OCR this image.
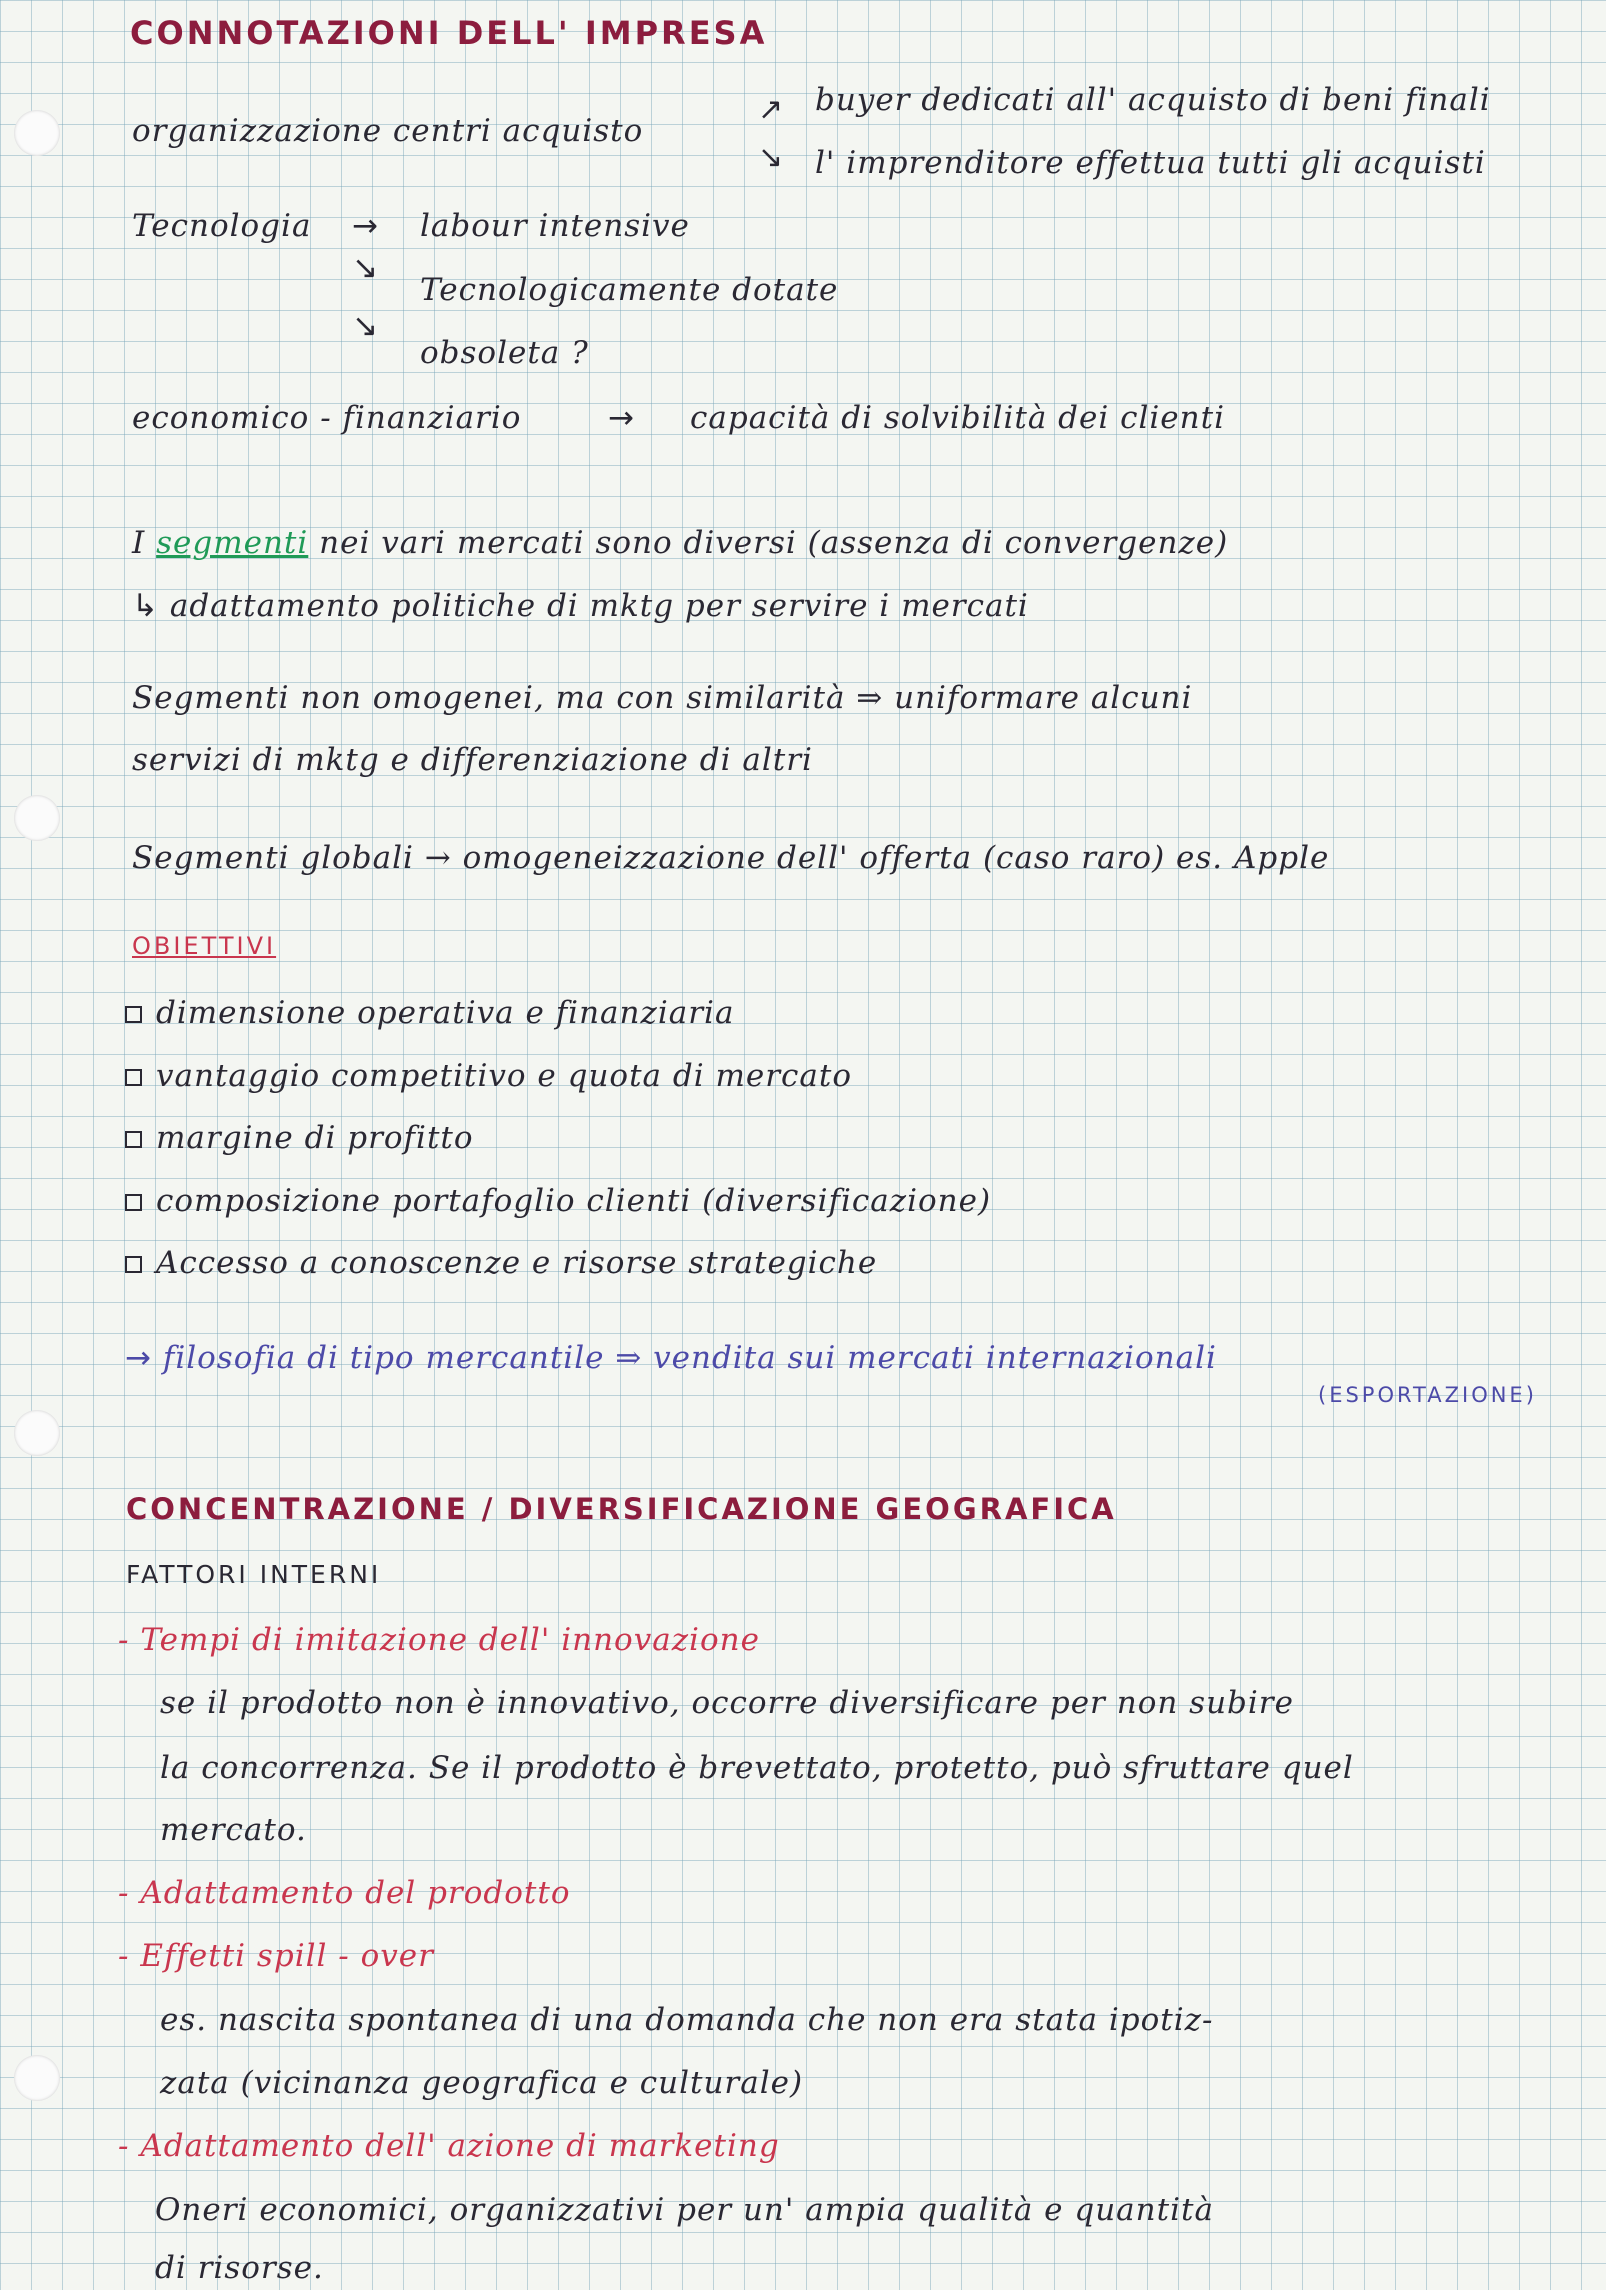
CONNOTAZIONI DELL' IMPRESA
organizzazione centri acquisto
↗
↘
buyer dedicati all' acquisto di beni finali
l' imprenditore effettua tutti gli acquisti
Tecnologia → labour intensive
↘
Tecnologicamente dotate
↘
obsoleta ?
economico - finanziario	→ capacità di solvibilità dei clienti
I segmenti nei vari mercati sono diversi (assenza di convergenze)
↳ adattamento politiche di mktg per servire i mercati
Segmenti non omogenei, ma con similarità ⇒ uniformare alcuni
servizi di mktg e differenziazione di altri
Segmenti globali → omogeneizzazione dell' offerta (caso raro) es. Apple
OBIETTIVI
dimensione operativa e finanziaria
vantaggio competitivo e quota di mercato
margine di profitto
composizione portafoglio clienti (diversificazione)
Accesso a conoscenze e risorse strategiche
→ filosofia di tipo mercantile ⇒ vendita sui mercati internazionali
(ESPORTAZIONE)
CONCENTRAZIONE / DIVERSIFICAZIONE GEOGRAFICA
FATTORI INTERNI
- Tempi di imitazione dell' innovazione
se il prodotto non è innovativo, occorre diversificare per non subire
la concorrenza. Se il prodotto è brevettato, protetto, può sfruttare quel
mercato.
- Adattamento del prodotto
- Effetti spill - over
es. nascita spontanea di una domanda che non era stata ipotiz-
zata (vicinanza geografica e culturale)
- Adattamento dell' azione di marketing
Oneri economici, organizzativi per un' ampia qualità e quantità
di risorse.
